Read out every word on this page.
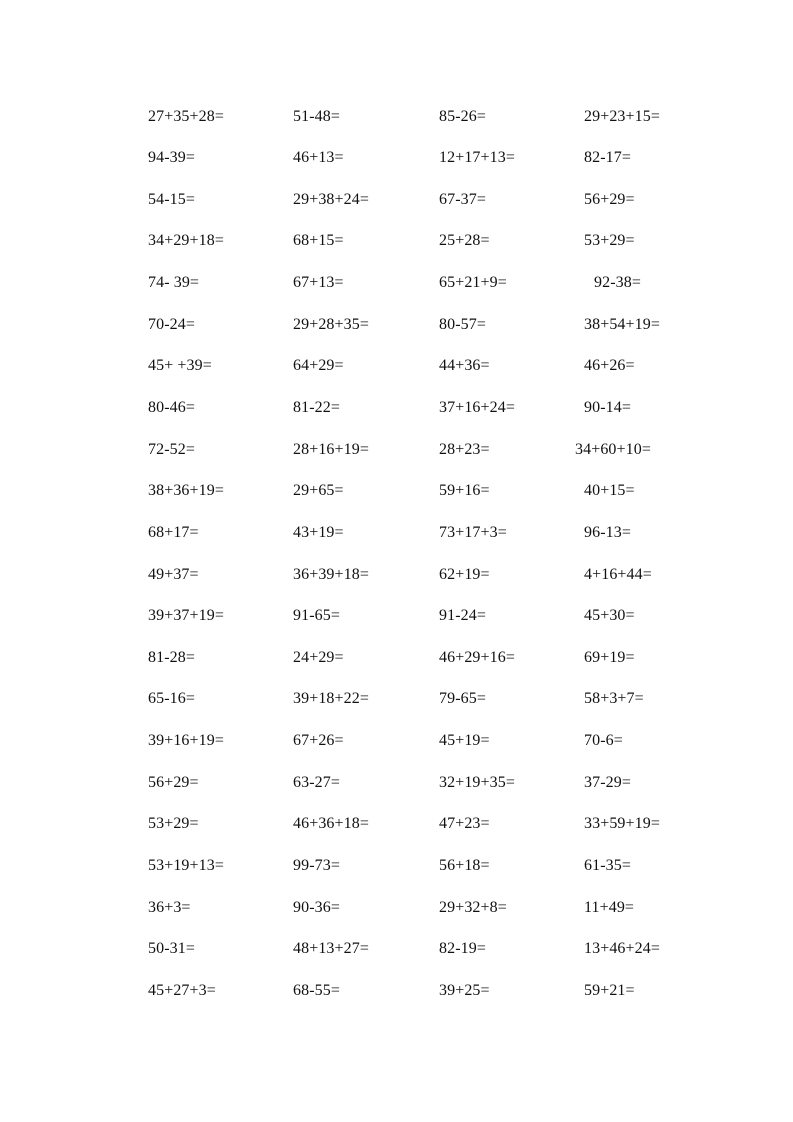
27+35+28=	51-48=	85-26=	29+23+15=
94-39=	46+13=	12+17+13=	82-17=
54-15=	29+38+24=	67-37=	56+29=
34+29+18=	68+15=	25+28=	53+29=
74- 39=	67+13=	65+21+9=	92-38=
70-24=	29+28+35=	80-57=	38+54+19=
45+ +39=	64+29=	44+36=	46+26=
80-46=	81-22=	37+16+24=	90-14=
72-52=	28+16+19=	28+23=	34+60+10=
38+36+19=	29+65=	59+16=	40+15=
68+17=	43+19=	73+17+3=	96-13=
49+37=	36+39+18=	62+19=	4+16+44=
39+37+19=	91-65=	91-24=	45+30=
81-28=	24+29=	46+29+16=	69+19=
65-16=	39+18+22=	79-65=	58+3+7=
39+16+19=	67+26=	45+19=	70-6=
56+29=	63-27=	32+19+35=	37-29=
53+29=	46+36+18=	47+23=	33+59+19=
53+19+13=	99-73=	56+18=	61-35=
36+3=	90-36=	29+32+8=	11+49=
50-31=	48+13+27=	82-19=	13+46+24=
45+27+3=	68-55=	39+25=	59+21=
